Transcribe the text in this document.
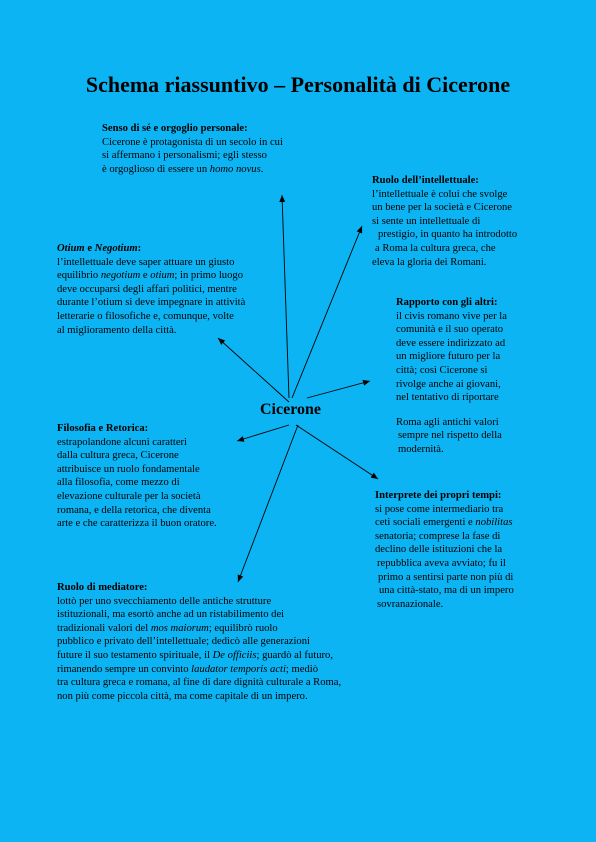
Schema riassuntivo – Personalità di Cicerone
Cicerone
Senso di sé e orgoglio personale:
Cicerone è protagonista di un secolo in cui
si affermano i personalismi; egli stesso
è orgoglioso di essere un homo novus.
Ruolo dell’intellettuale:
l’intellettuale è colui che svolge
un bene per la società e Cicerone
si sente un intellettuale di
prestigio, in quanto ha introdotto
a Roma la cultura greca, che
eleva la gloria dei Romani.
Otium e Negotium:
l’intellettuale deve saper attuare un giusto
equilibrio negotium e otium; in primo luogo
deve occuparsi degli affari politici, mentre
durante l’otium si deve impegnare in attività
letterarie o filosofiche e, comunque, volte
al miglioramento della città.
Rapporto con gli altri:
il civis romano vive per la
comunità e il suo operato
deve essere indirizzato ad
un migliore futuro per la
città; così Cicerone si
rivolge anche ai giovani,
nel tentativo di riportare
Roma agli antichi valori
sempre nel rispetto della
modernità.
Filosofia e Retorica:
estrapolandone alcuni caratteri
dalla cultura greca, Cicerone
attribuisce un ruolo fondamentale
alla filosofia, come mezzo di
elevazione culturale per la società
romana, e della retorica, che diventa
arte e che caratterizza il buon oratore.
Interprete dei propri tempi:
si pose come intermediario tra
ceti sociali emergenti e nobilitas
senatoria; comprese la fase di
declino delle istituzioni che la
repubblica aveva avviato; fu il
primo a sentirsi parte non più di
una città-stato, ma di un impero
sovranazionale.
Ruolo di mediatore:
lottò per uno svecchiamento delle antiche strutture
istituzionali, ma esortò anche ad un ristabilimento dei
tradizionali valori del mos maiorum; equilibrò ruolo
pubblico e privato dell’intellettuale; dedicò alle generazioni
future il suo testamento spirituale, il De officiis; guardò al futuro,
rimanendo sempre un convinto laudator temporis acti; mediò
tra cultura greca e romana, al fine di dare dignità culturale a Roma,
non più come piccola città, ma come capitale di un impero.
